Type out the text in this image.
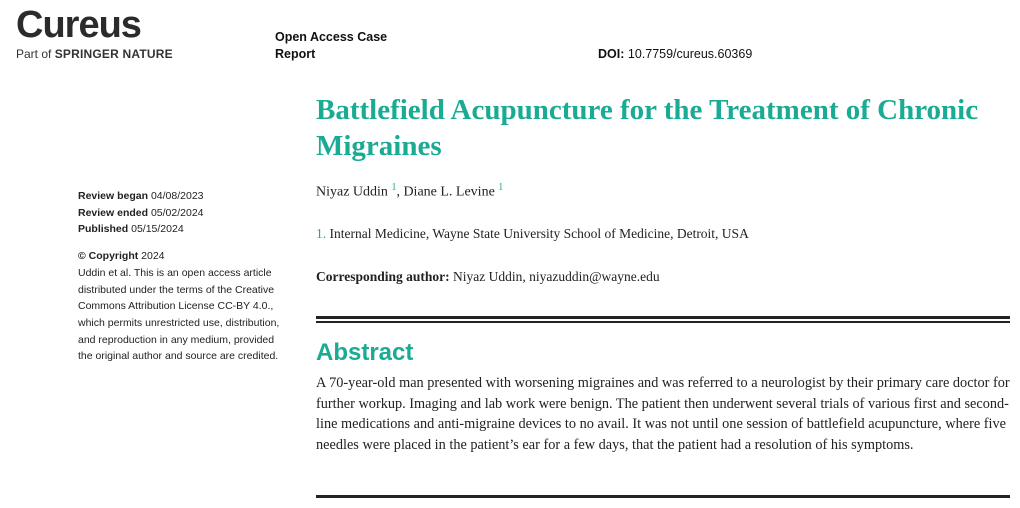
Cureus
Part of SPRINGER NATURE
Open Access Case Report	DOI: 10.7759/cureus.60369
Battlefield Acupuncture for the Treatment of Chronic Migraines
Niyaz Uddin $^1$, Diane L. Levine $^1$
1. Internal Medicine, Wayne State University School of Medicine, Detroit, USA
Corresponding author: Niyaz Uddin, niyazuddin@wayne.edu
Abstract

A 70-year-old man presented with worsening migraines and was referred to a neurologist by their primary care doctor for further workup. Imaging and lab work were benign. The patient then underwent several trials of various first and second-line medications and anti-migraine devices to no avail. It was not until one session of battlefield acupuncture, where five needles were placed in the patient’s ear for a few days, that the patient had a resolution of his symptoms.

Review began 04/08/2023
Review ended 05/02/2024
Published 05/15/2024
© Copyright 2024
Uddin et al. This is an open access article distributed under the terms of the Creative Commons Attribution License CC-BY 4.0., which permits unrestricted use, distribution, and reproduction in any medium, provided the original author and source are credited.
